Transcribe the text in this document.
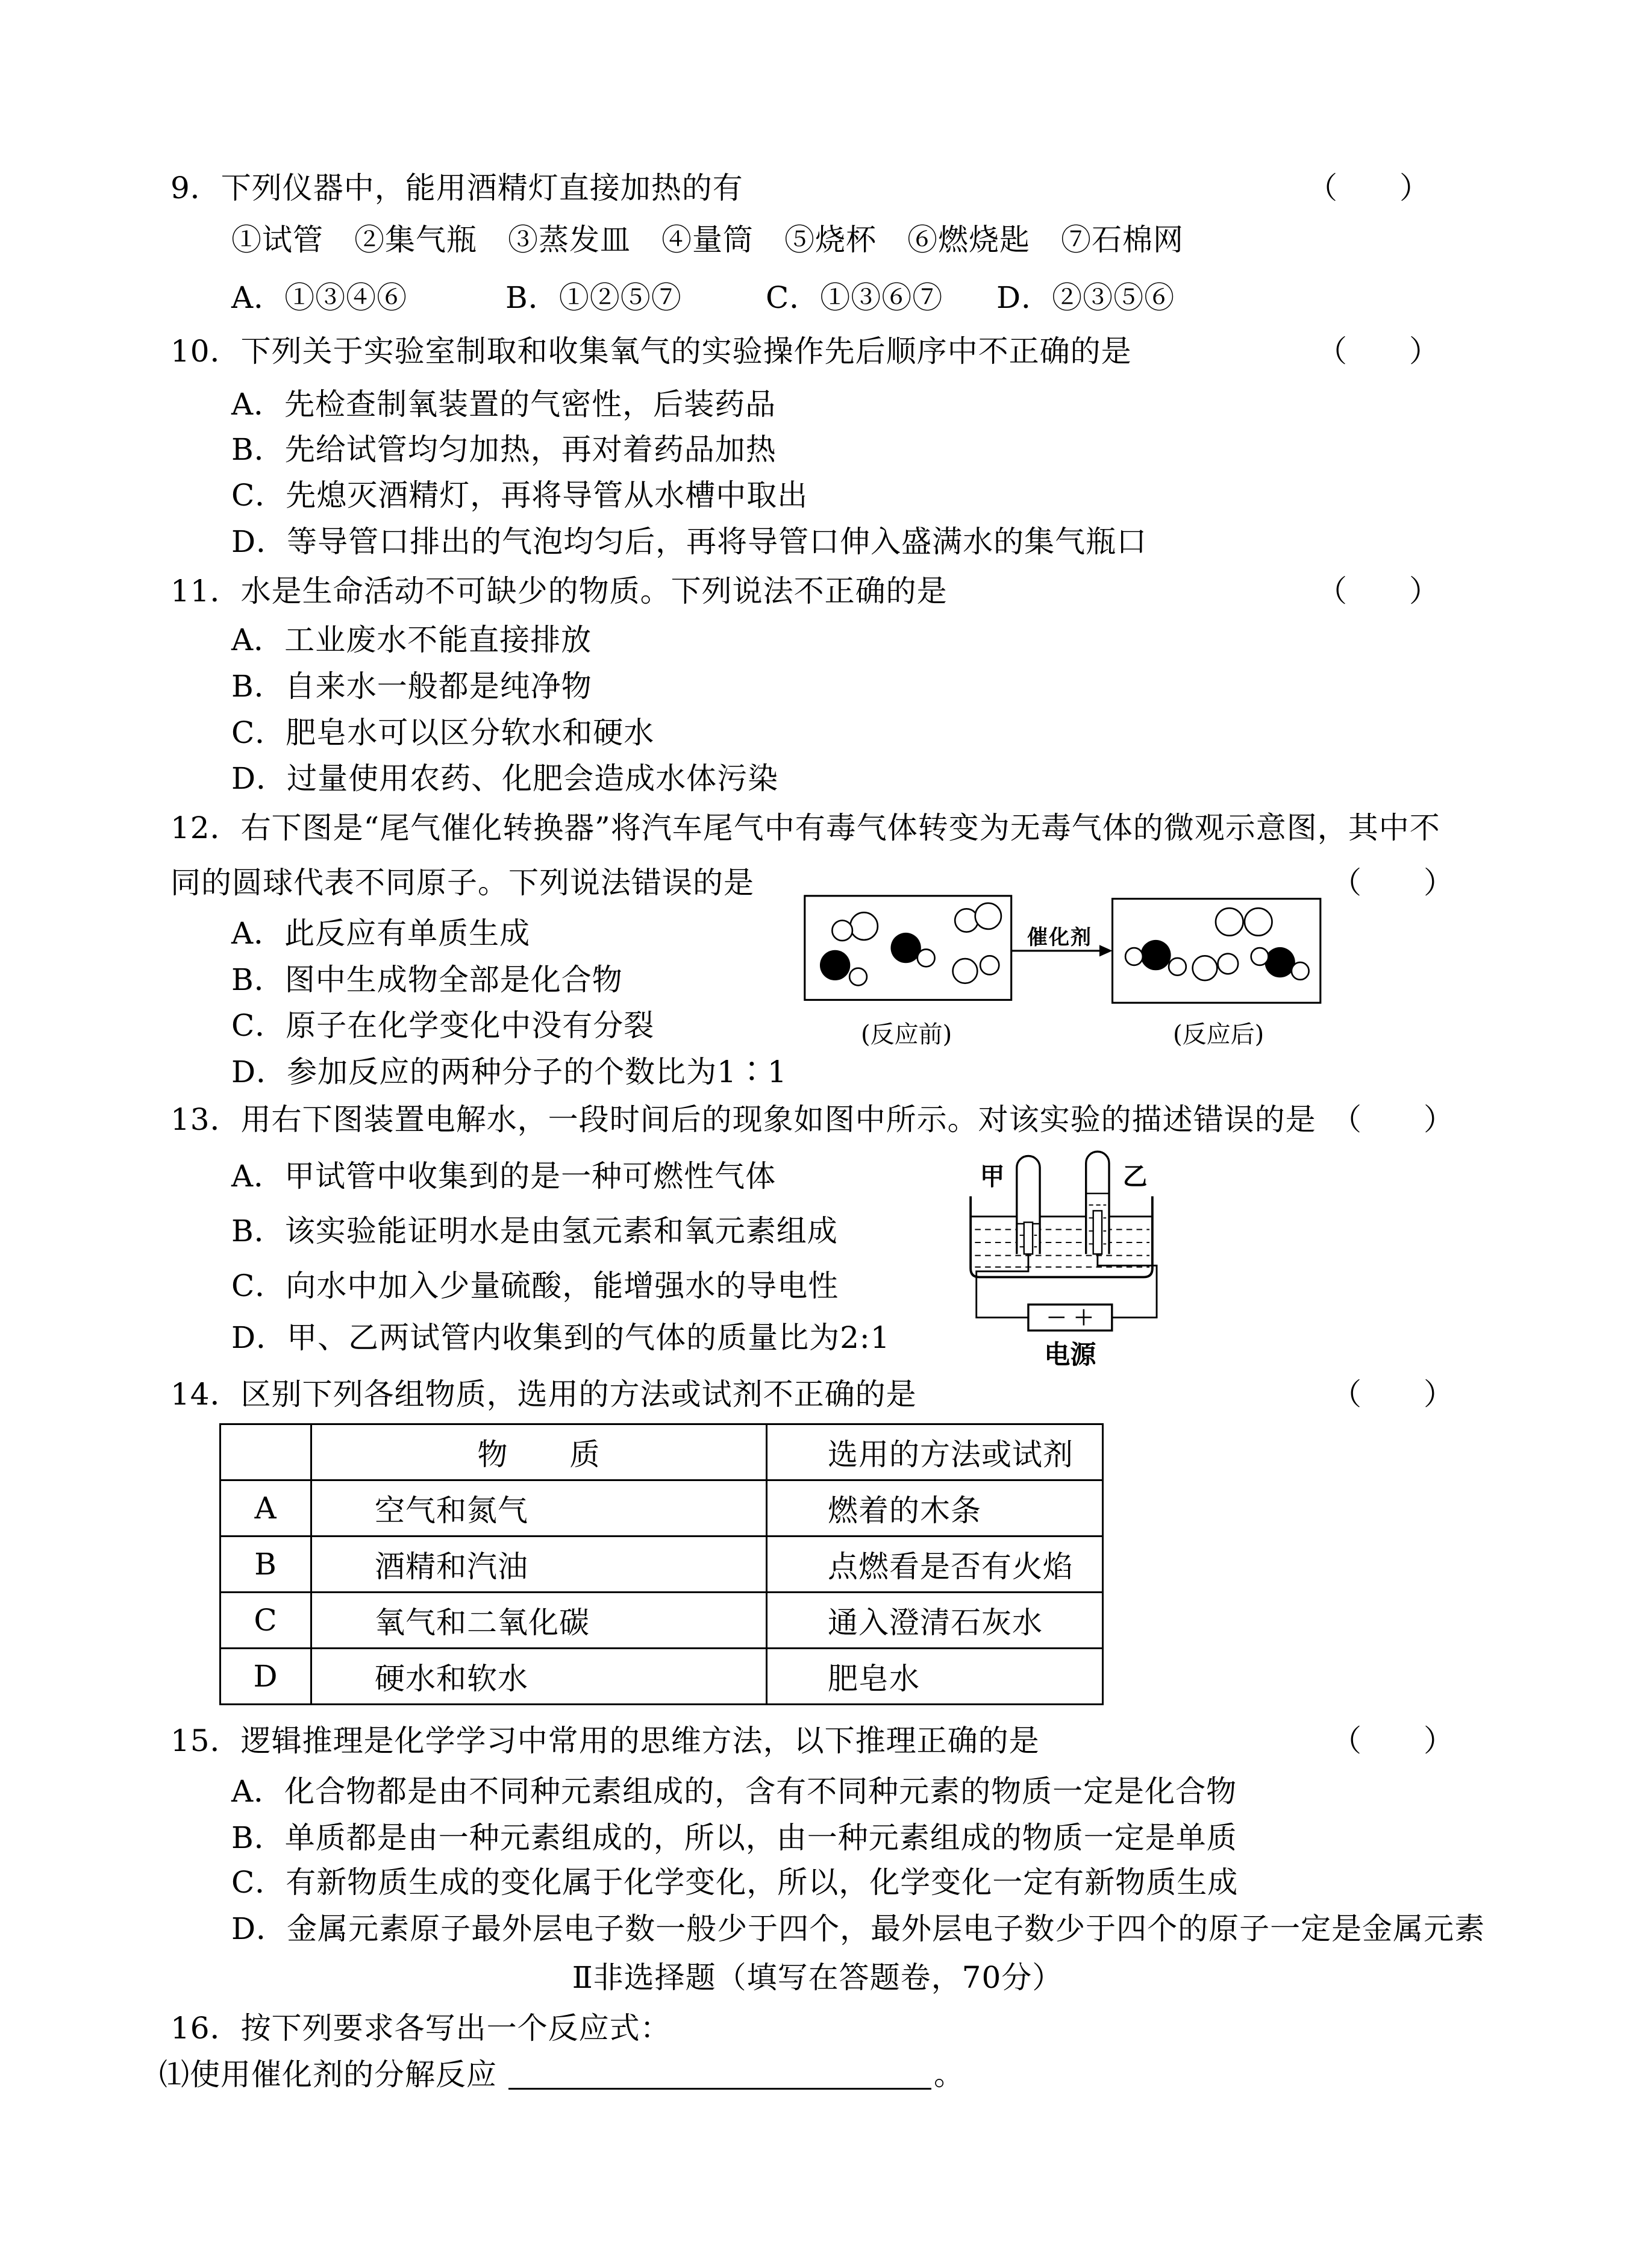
9．下列仪器中，能用酒精灯直接加热的有	（　　）
①试管　②集气瓶　③蒸发皿　④量筒　⑤烧杯　⑥燃烧匙　⑦石棉网
A．①③④⑥	B．①②⑤⑦	C．①③⑥⑦ D．②③⑤⑥
10．下列关于实验室制取和收集氧气的实验操作先后顺序中不正确的是	（　　）
A．先检查制氧装置的气密性，后装药品
B．先给试管均匀加热，再对着药品加热
C．先熄灭酒精灯，再将导管从水槽中取出
D．等导管口排出的气泡均匀后，再将导管口伸入盛满水的集气瓶口
11．水是生命活动不可缺少的物质。下列说法不正确的是	（　　）
A．工业废水不能直接排放
B．自来水一般都是纯净物
C．肥皂水可以区分软水和硬水
D．过量使用农药、化肥会造成水体污染
12．右下图是“尾气催化转换器”将汽车尾气中有毒气体转变为无毒气体的微观示意图，其中不
同的圆球代表不同原子。下列说法错误的是	（　　）
A．此反应有单质生成
B．图中生成物全部是化合物
C．原子在化学变化中没有分裂
D．参加反应的两种分子的个数比为1∶1
催化剂
(反应前)	(反应后)
13．用右下图装置电解水，一段时间后的现象如图中所示。对该实验的描述错误的是 （　　）
A．甲试管中收集到的是一种可燃性气体
B．该实验能证明水是由氢元素和氧元素组成
C．向水中加入少量硫酸，能增强水的导电性
D．甲、乙两试管内收集到的气体的质量比为2:1
－ ＋
电源
甲	乙
14．区别下列各组物质，选用的方法或试剂不正确的是	（　　）
	物　　质	选用的方法或试剂
A	空气和氮气	燃着的木条
B	酒精和汽油	点燃看是否有火焰
C	氧气和二氧化碳	通入澄清石灰水
D	硬水和软水	肥皂水
15．逻辑推理是化学学习中常用的思维方法，以下推理正确的是	（　　）
A．化合物都是由不同种元素组成的，含有不同种元素的物质一定是化合物
B．单质都是由一种元素组成的，所以，由一种元素组成的物质一定是单质
C．有新物质生成的变化属于化学变化，所以，化学变化一定有新物质生成
D．金属元素原子最外层电子数一般少于四个，最外层电子数少于四个的原子一定是金属元素
Ⅱ非选择题（填写在答题卷，70分）
16．按下列要求各写出一个反应式：
⑴使用催化剂的分解反应	。
